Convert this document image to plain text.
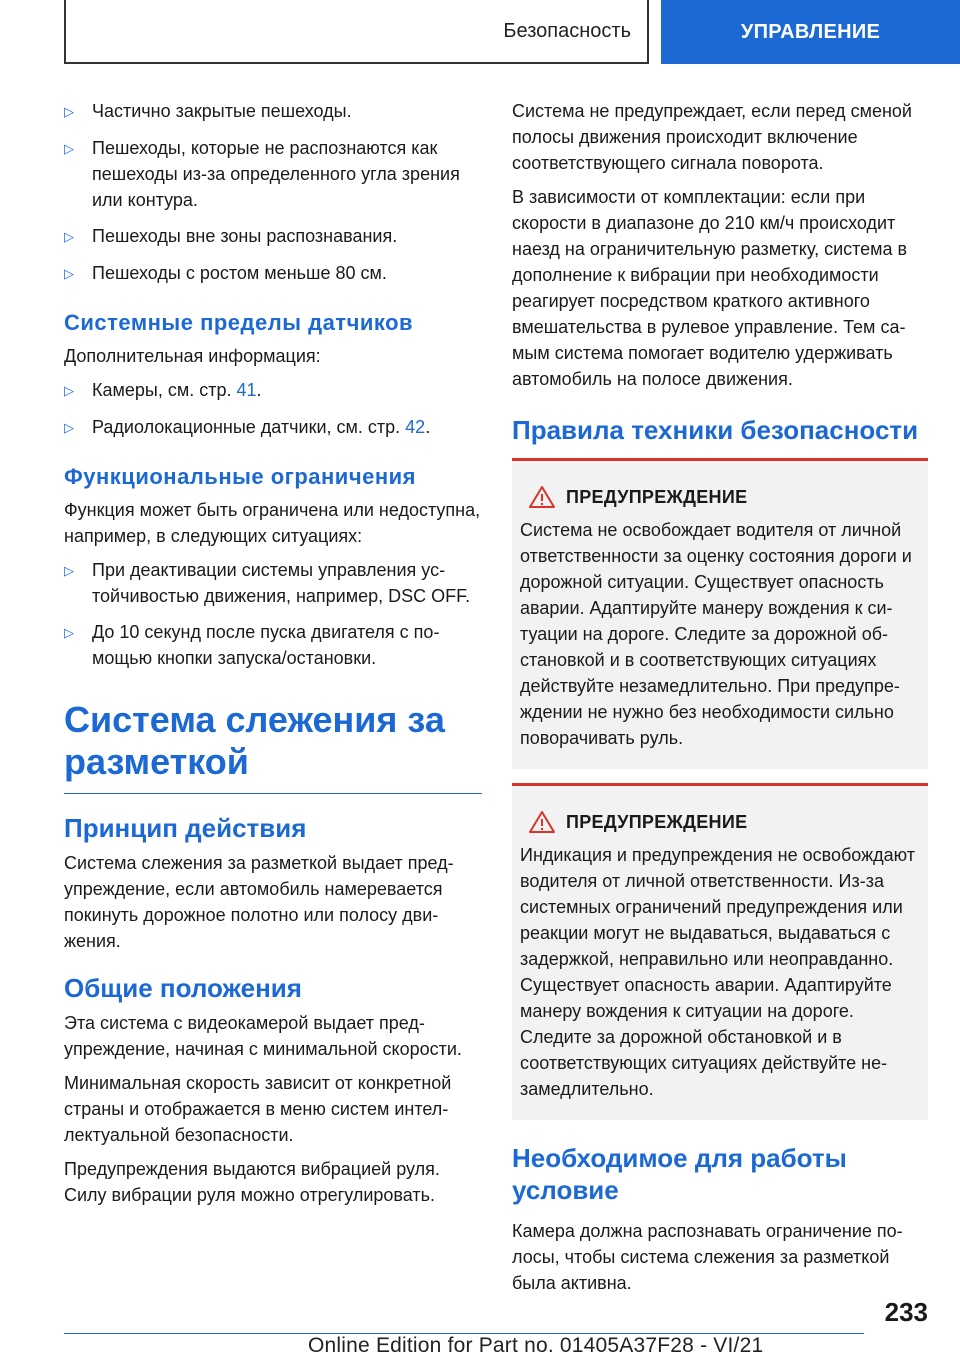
Безопасность	УПРАВЛЕНИЕ
▷	Частично закрытые пешеходы.
▷	Пешеходы, которые не распознаются как пешеходы из-за определенного угла зрения или контура.
▷	Пешеходы вне зоны распознавания.
▷	Пешеходы с ростом меньше 80 см.
Системные пределы датчиков

Дополнительная информация:

▷	Камеры, см. стр. 41.
▷	Радиолокационные датчики, см. стр. 42.
Функциональные ограничения

Функция может быть ограничена или недоступна, например, в следующих ситуациях:

▷	При деактивации системы управления устойчивостью движения, например, DSC OFF.
▷	До 10 секунд после пуска двигателя с помощью кнопки запуска/остановки.
Система слежения за разметкой
Принцип действия

Система слежения за разметкой выдает предупреждение, если автомобиль намеревается покинуть дорожное полотно или полосу движения.

Общие положения

Эта система с видеокамерой выдает предупреждение, начиная с минимальной скорости.

Минимальная скорость зависит от конкретной страны и отображается в меню систем интеллектуальной безопасности.

Предупреждения выдаются вибрацией руля. Силу вибрации руля можно отрегулировать.

Система не предупреждает, если перед сменой полосы движения происходит включение соответствующего сигнала поворота.

В зависимости от комплектации: если при скорости в диапазоне до 210 км/ч происходит наезд на ограничительную разметку, система в дополнение к вибрации при необходимости реагирует посредством краткого активного вмешательства в рулевое управление. Тем самым система помогает водителю удерживать автомобиль на полосе движения.

Правила техники безопасности
ПРЕДУПРЕЖДЕНИЕ

Система не освобождает водителя от личной ответственности за оценку состояния дороги и дорожной ситуации. Существует опасность аварии. Адаптируйте манеру вождения к ситуации на дороге. Следите за дорожной обстановкой и в соответствующих ситуациях действуйте незамедлительно. При предупреждении не нужно без необходимости сильно поворачивать руль.

ПРЕДУПРЕЖДЕНИЕ

Индикация и предупреждения не освобождают водителя от личной ответственности. Из-за системных ограничений предупреждения или реакции могут не выдаваться, выдаваться с задержкой, неправильно или неоправданно. Существует опасность аварии. Адаптируйте манеру вождения к ситуации на дороге. Следите за дорожной обстановкой и в соответствующих ситуациях действуйте незамедлительно.

Необходимое для работы условие

Камера должна распознавать ограничение полосы, чтобы система слежения за разметкой была активна.

233
Online Edition for Part no. 01405A37F28 - VI/21
